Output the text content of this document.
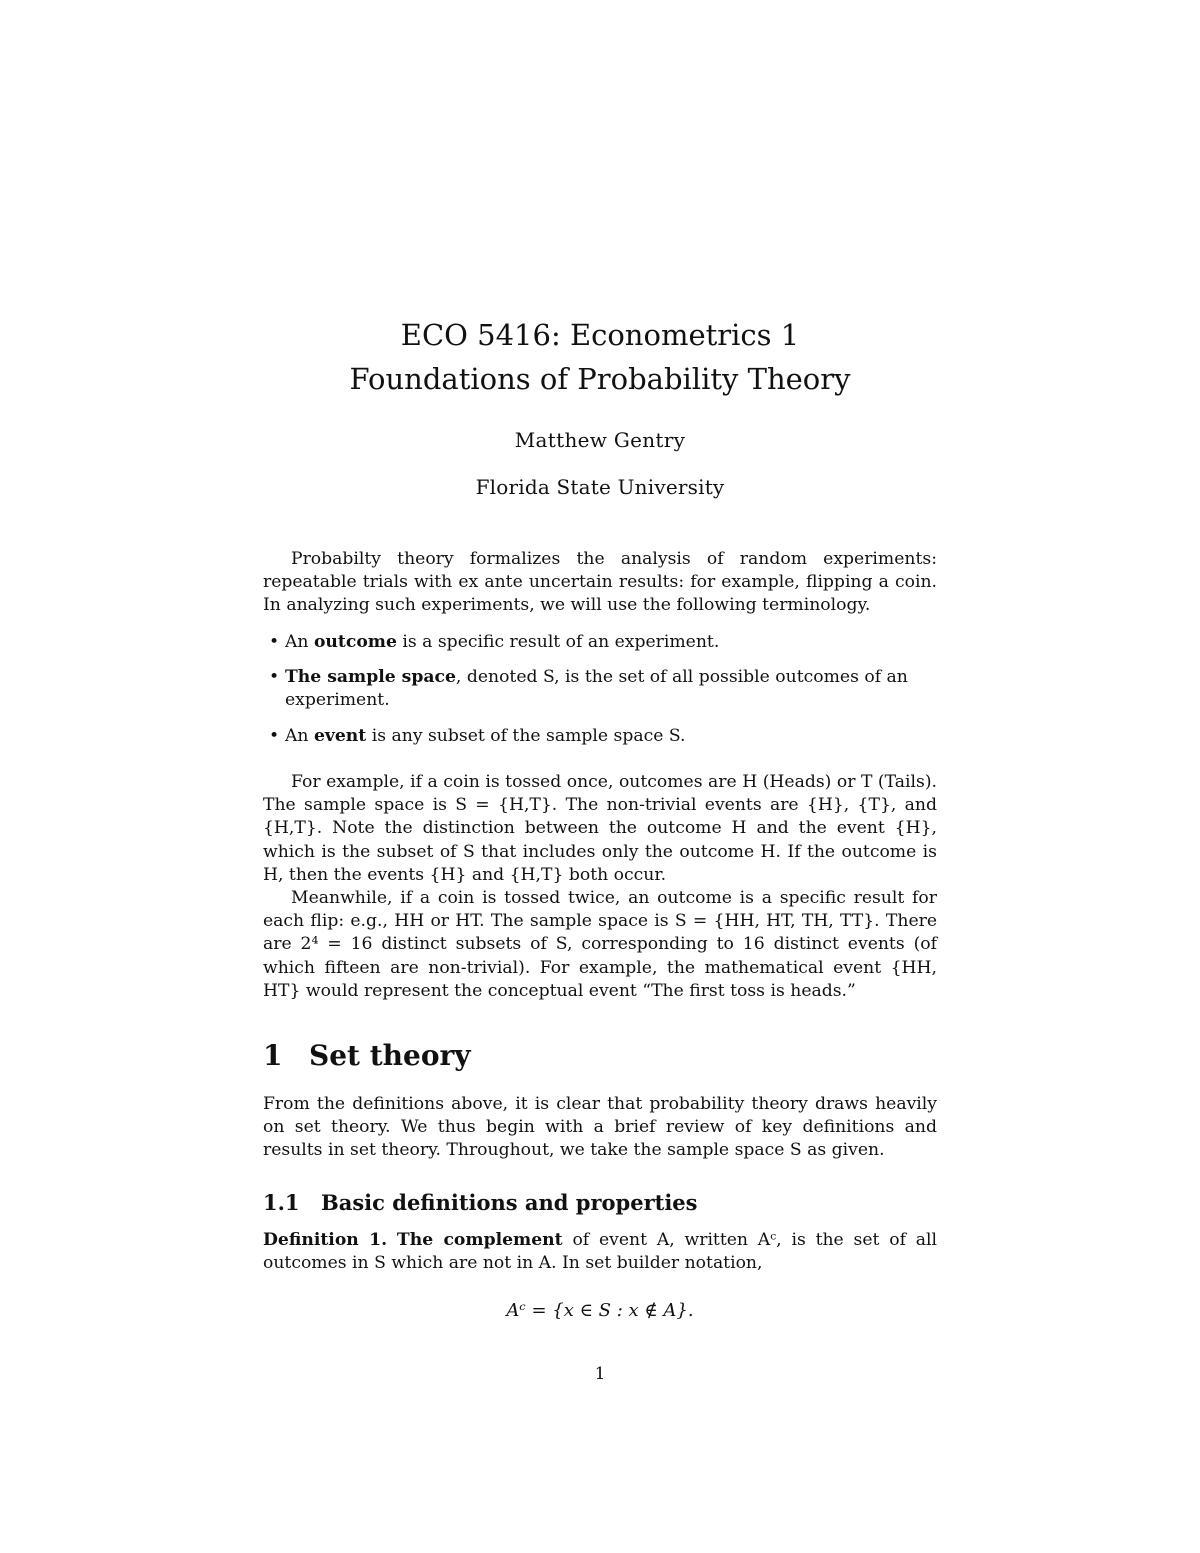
ECO 5416: Econometrics 1
Foundations of Probability Theory
Matthew Gentry
Florida State University
Probabilty theory formalizes the analysis of random experiments: repeatable trials with ex ante uncertain results: for example, flipping a coin. In analyzing such experiments, we will use the following terminology.
• An outcome is a specific result of an experiment.
• The sample space, denoted S, is the set of all possible outcomes of an experiment.
• An event is any subset of the sample space S.

For example, if a coin is tossed once, outcomes are H (Heads) or T (Tails). The sample space is S = {H,T}. The non-trivial events are {H}, {T}, and {H,T}. Note the distinction between the outcome H and the event {H}, which is the subset of S that includes only the outcome H. If the outcome is H, then the events {H} and {H,T} both occur.

Meanwhile, if a coin is tossed twice, an outcome is a specific result for each flip: e.g., HH or HT. The sample space is S = {HH, HT, TH, TT}. There are 2⁴ = 16 distinct subsets of S, corresponding to 16 distinct events (of which fifteen are non-trivial). For example, the mathematical event {HH, HT} would represent the conceptual event “The first toss is heads.”

1 Set theory
From the definitions above, it is clear that probability theory draws heavily on set theory. We thus begin with a brief review of key definitions and results in set theory. Throughout, we take the sample space S as given.
1.1 Basic definitions and properties
Definition 1. The complement of event A, written Aᶜ, is the set of all outcomes in S which are not in A. In set builder notation,
Aᶜ = {x ∈ S : x ∉ A}.
1
